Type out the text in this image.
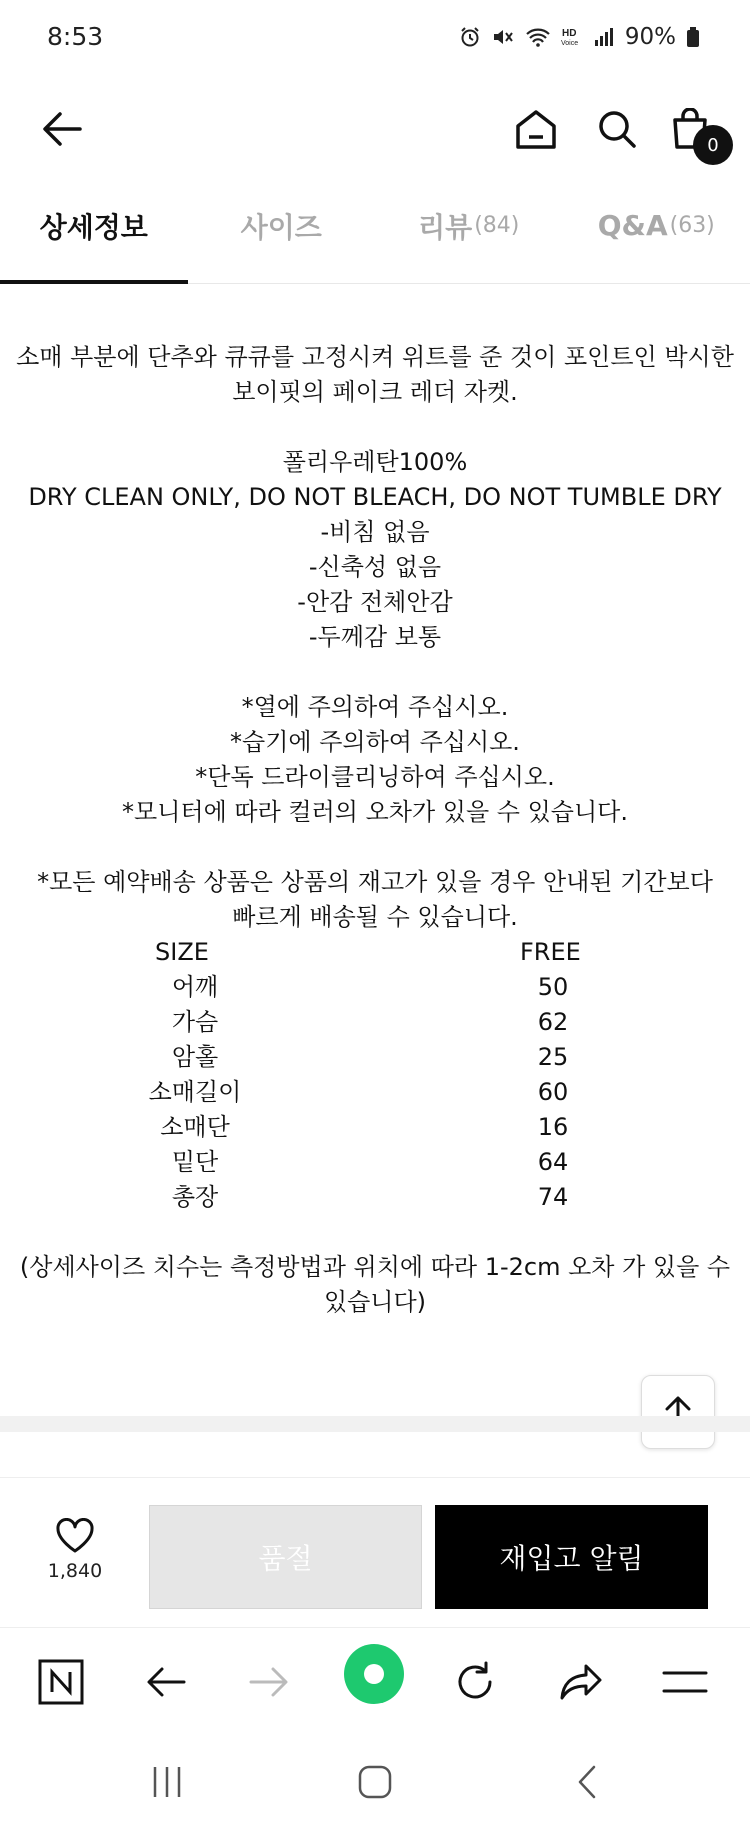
8:53	HD
Voice 90%
0
상세정보	사이즈	리뷰 (84)	Q&A (63)

소매 부분에 단추와 큐큐를 고정시켜 위트를 준 것이 포인트인 박시한

보이핏의 페이크 레더 자켓.

폴리우레탄100%

DRY CLEAN ONLY, DO NOT BLEACH, DO NOT TUMBLE DRY

-비침 없음

-신축성 없음

-안감 전체안감

-두께감 보통

*열에 주의하여 주십시오.

*습기에 주의하여 주십시오.

*단독 드라이클리닝하여 주십시오.

*모니터에 따라 컬러의 오차가 있을 수 있습니다.

*모든 예약배송 상품은 상품의 재고가 있을 경우 안내된 기간보다

빠르게 배송될 수 있습니다.

SIZE	FREE
어깨	50
가슴	62
암홀	25
소매길이	60
소매단	16
밑단	64
총장	74

(상세사이즈 치수는 측정방법과 위치에 따라 1-2cm 오차 가 있을 수

있습니다)

1,840	품절	재입고 알림
